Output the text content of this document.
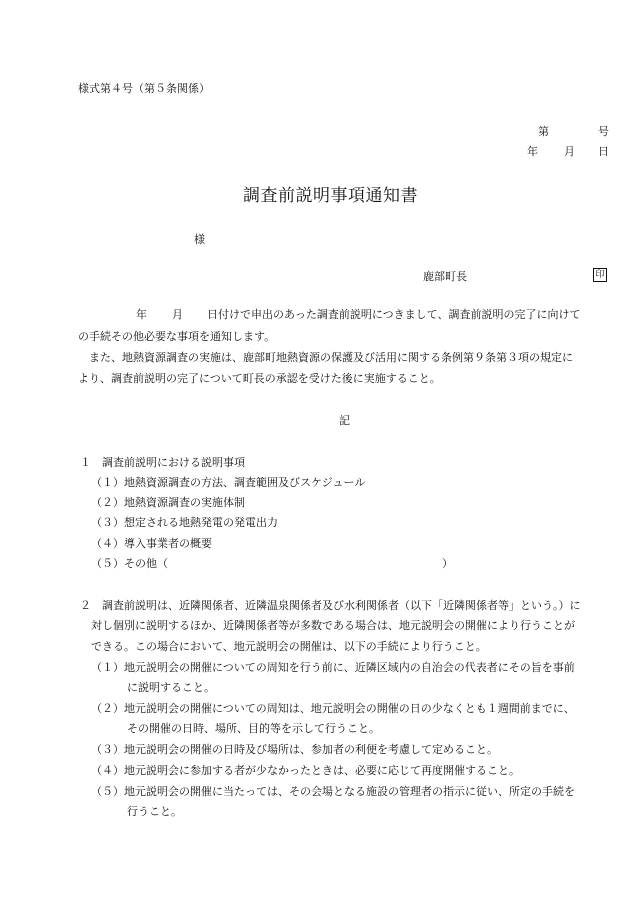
様式第４号（第５条関係）
第	号
年 月 日
調査前説明事項通知書
様
鹿部町長	印
年 月 日付けで申出のあった調査前説明につきまして、調査前説明の完了に向けて
の手続その他必要な事項を通知します。
また、地熱資源調査の実施は、鹿部町地熱資源の保護及び活用に関する条例第９条第３項の規定に
より、調査前説明の完了について町長の承認を受けた後に実施すること。
記
１　調査前説明における説明事項
（１）地熱資源調査の方法、調査範囲及びスケジュール
（２）地熱資源調査の実施体制
（３）想定される地熱発電の発電出力
（４）導入事業者の概要
（５）その他（	）
２　調査前説明は、近隣関係者、近隣温泉関係者及び水利関係者（以下「近隣関係者等」という。）に
対し個別に説明するほか、近隣関係者等が多数である場合は、地元説明会の開催により行うことが
できる。この場合において、地元説明会の開催は、以下の手続により行うこと。
（１）地元説明会の開催についての周知を行う前に、近隣区域内の自治会の代表者にその旨を事前
に説明すること。
（２）地元説明会の開催についての周知は、地元説明会の開催の日の少なくとも１週間前までに、
その開催の日時、場所、目的等を示して行うこと。
（３）地元説明会の開催の日時及び場所は、参加者の利便を考慮して定めること。
（４）地元説明会に参加する者が少なかったときは、必要に応じて再度開催すること。
（５）地元説明会の開催に当たっては、その会場となる施設の管理者の指示に従い、所定の手続を
行うこと。
